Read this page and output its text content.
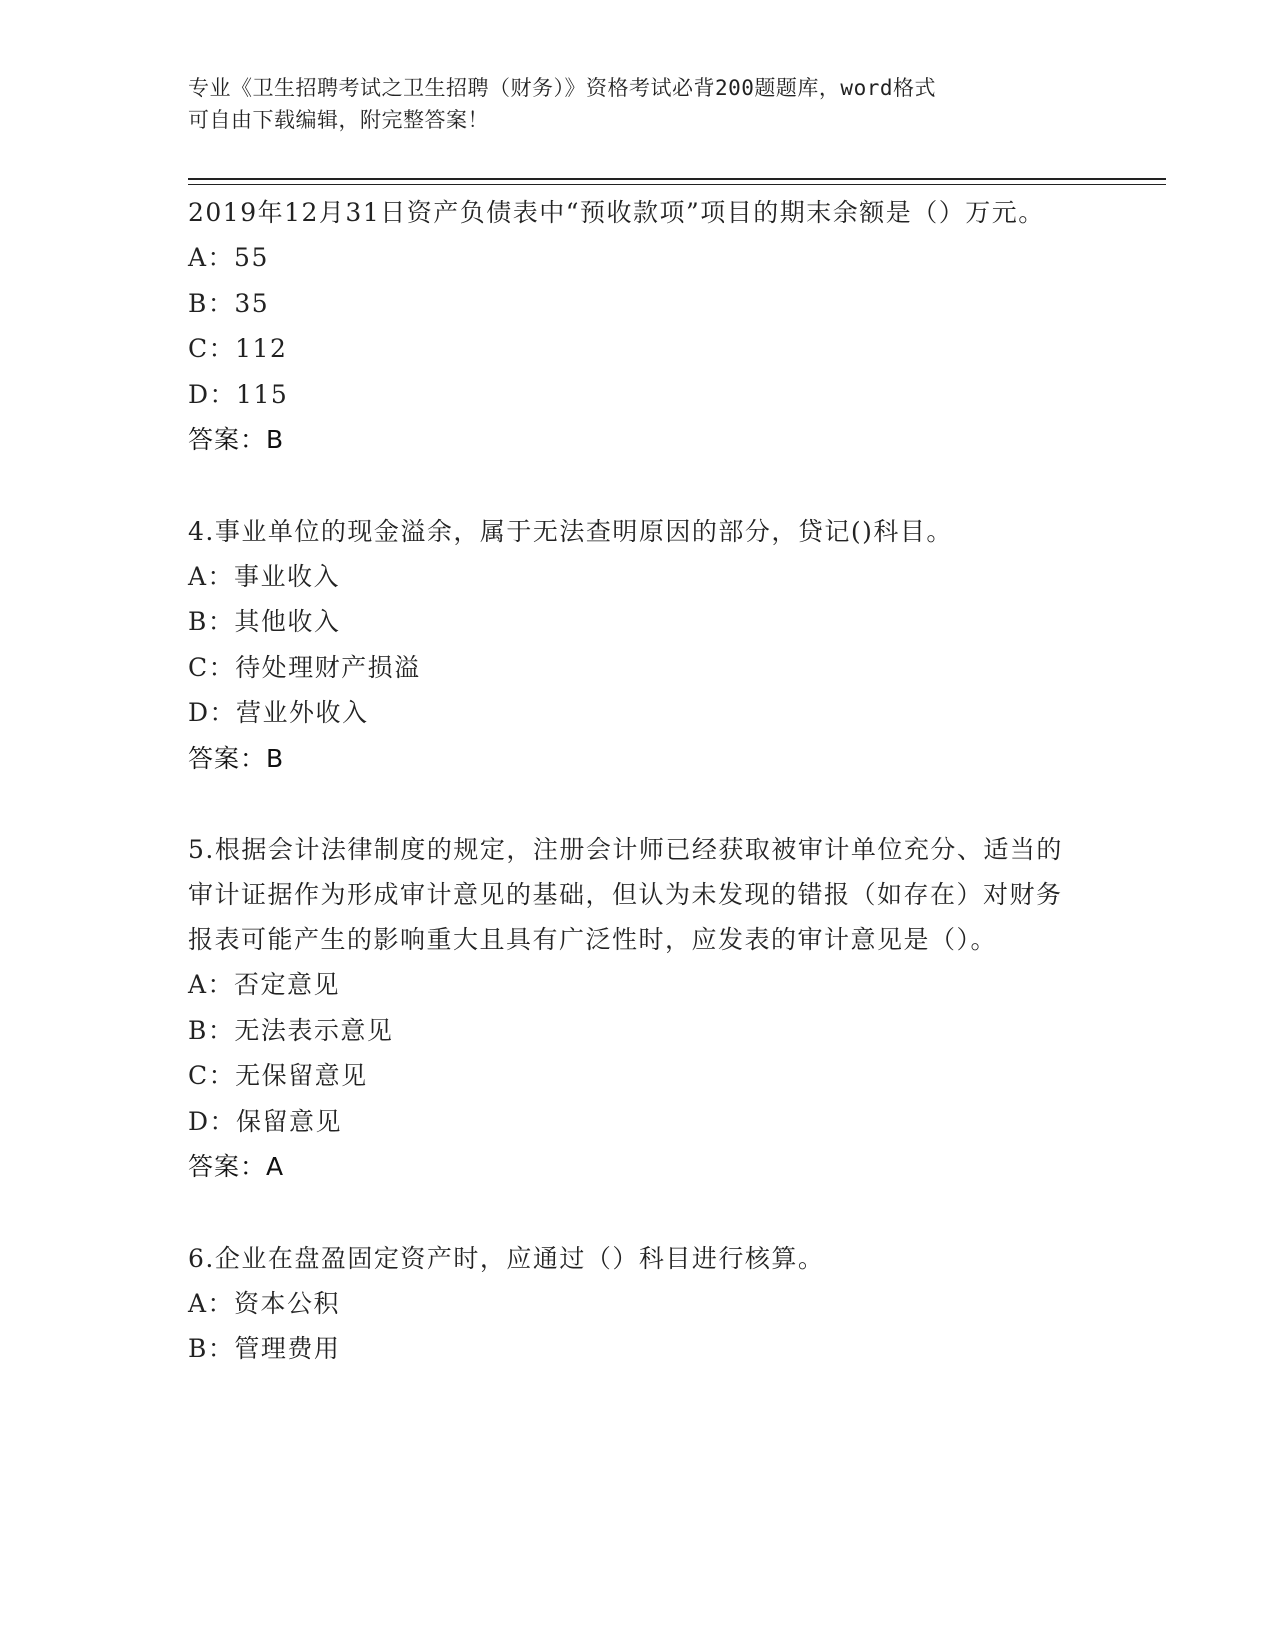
专业《卫生招聘考试之卫生招聘（财务）》资格考试必背200题题库，word格式
可自由下载编辑，附完整答案！

2019年12月31日资产负债表中“预收款项”项目的期末余额是（）万元。

A：55

B：35

C：112

D：115

答案：B

4.事业单位的现金溢余，属于无法查明原因的部分，贷记()科目。

A：事业收入

B：其他收入

C：待处理财产损溢

D：营业外收入

答案：B

5.根据会计法律制度的规定，注册会计师已经获取被审计单位充分、适当的审计证据作为形成审计意见的基础，但认为未发现的错报（如存在）对财务报表可能产生的影响重大且具有广泛性时，应发表的审计意见是（）。

A：否定意见

B：无法表示意见

C：无保留意见

D：保留意见

答案：A

6.企业在盘盈固定资产时，应通过（）科目进行核算。

A：资本公积

B：管理费用
